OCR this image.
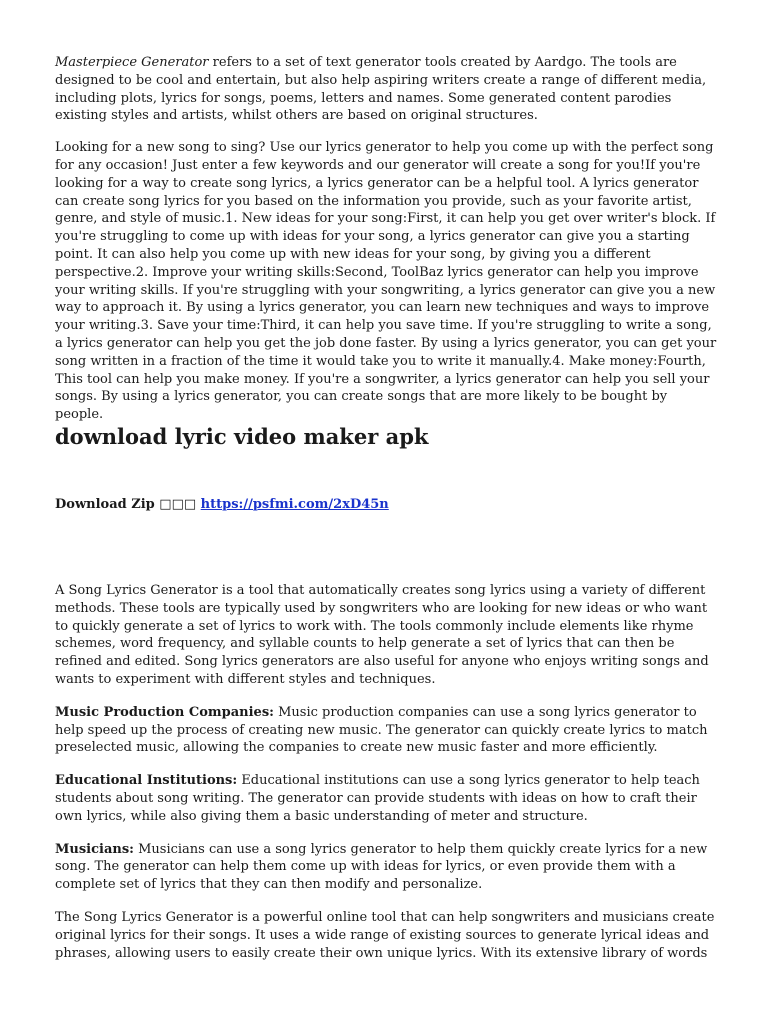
Masterpiece Generator refers to a set of text generator tools created by Aardgo. The tools are designed to be cool and entertain, but also help aspiring writers create a range of different media, including plots, lyrics for songs, poems, letters and names. Some generated content parodies existing styles and artists, whilst others are based on original structures.

Looking for a new song to sing? Use our lyrics generator to help you come up with the perfect song for any occasion! Just enter a few keywords and our generator will create a song for you!If you're looking for a way to create song lyrics, a lyrics generator can be a helpful tool. A lyrics generator can create song lyrics for you based on the information you provide, such as your favorite artist, genre, and style of music.1. New ideas for your song:First, it can help you get over writer's block. If you're struggling to come up with ideas for your song, a lyrics generator can give you a starting point. It can also help you come up with new ideas for your song, by giving you a different perspective.2. Improve your writing skills:Second, ToolBaz lyrics generator can help you improve your writing skills. If you're struggling with your songwriting, a lyrics generator can give you a new way to approach it. By using a lyrics generator, you can learn new techniques and ways to improve your writing.3. Save your time:Third, it can help you save time. If you're struggling to write a song, a lyrics generator can help you get the job done faster. By using a lyrics generator, you can get your song written in a fraction of the time it would take you to write it manually.4. Make money:Fourth, This tool can help you make money. If you're a songwriter, a lyrics generator can help you sell your songs. By using a lyrics generator, you can create songs that are more likely to be bought by people.

download lyric video maker apk

Download Zip □□□ https://psfmi.com/2xD45n

A Song Lyrics Generator is a tool that automatically creates song lyrics using a variety of different methods. These tools are typically used by songwriters who are looking for new ideas or who want to quickly generate a set of lyrics to work with. The tools commonly include elements like rhyme schemes, word frequency, and syllable counts to help generate a set of lyrics that can then be refined and edited. Song lyrics generators are also useful for anyone who enjoys writing songs and wants to experiment with different styles and techniques.

Music Production Companies: Music production companies can use a song lyrics generator to help speed up the process of creating new music. The generator can quickly create lyrics to match preselected music, allowing the companies to create new music faster and more efficiently.

Educational Institutions: Educational institutions can use a song lyrics generator to help teach students about song writing. The generator can provide students with ideas on how to craft their own lyrics, while also giving them a basic understanding of meter and structure.

Musicians: Musicians can use a song lyrics generator to help them quickly create lyrics for a new song. The generator can help them come up with ideas for lyrics, or even provide them with a complete set of lyrics that they can then modify and personalize.

The Song Lyrics Generator is a powerful online tool that can help songwriters and musicians create original lyrics for their songs. It uses a wide range of existing sources to generate lyrical ideas and phrases, allowing users to easily create their own unique lyrics. With its extensive library of words
